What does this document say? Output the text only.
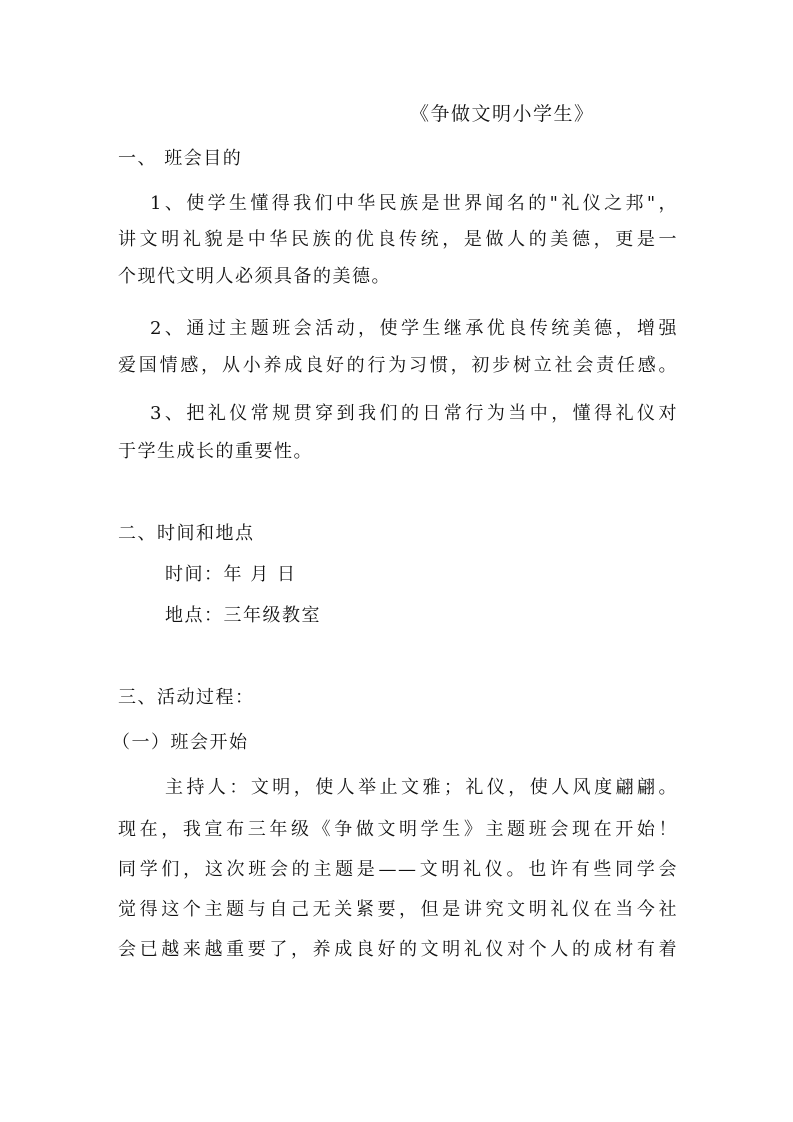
《争做文明小学生》
一、 班会目的
1、使学生懂得我们中华民族是世界闻名的"礼仪之邦"，
讲文明礼貌是中华民族的优良传统，是做人的美德，更是一
个现代文明人必须具备的美德。
2、通过主题班会活动，使学生继承优良传统美德，增强
爱国情感，从小养成良好的行为习惯，初步树立社会责任感。
3、把礼仪常规贯穿到我们的日常行为当中，懂得礼仪对
于学生成长的重要性。
二、时间和地点
时间：年 月 日
地点：三年级教室
三、活动过程：
（一）班会开始
主持人：文明，使人举止文雅；礼仪，使人风度翩翩。
现在，我宣布三年级《争做文明学生》主题班会现在开始！
同学们，这次班会的主题是——文明礼仪。也许有些同学会
觉得这个主题与自己无关紧要，但是讲究文明礼仪在当今社
会已越来越重要了，养成良好的文明礼仪对个人的成材有着
